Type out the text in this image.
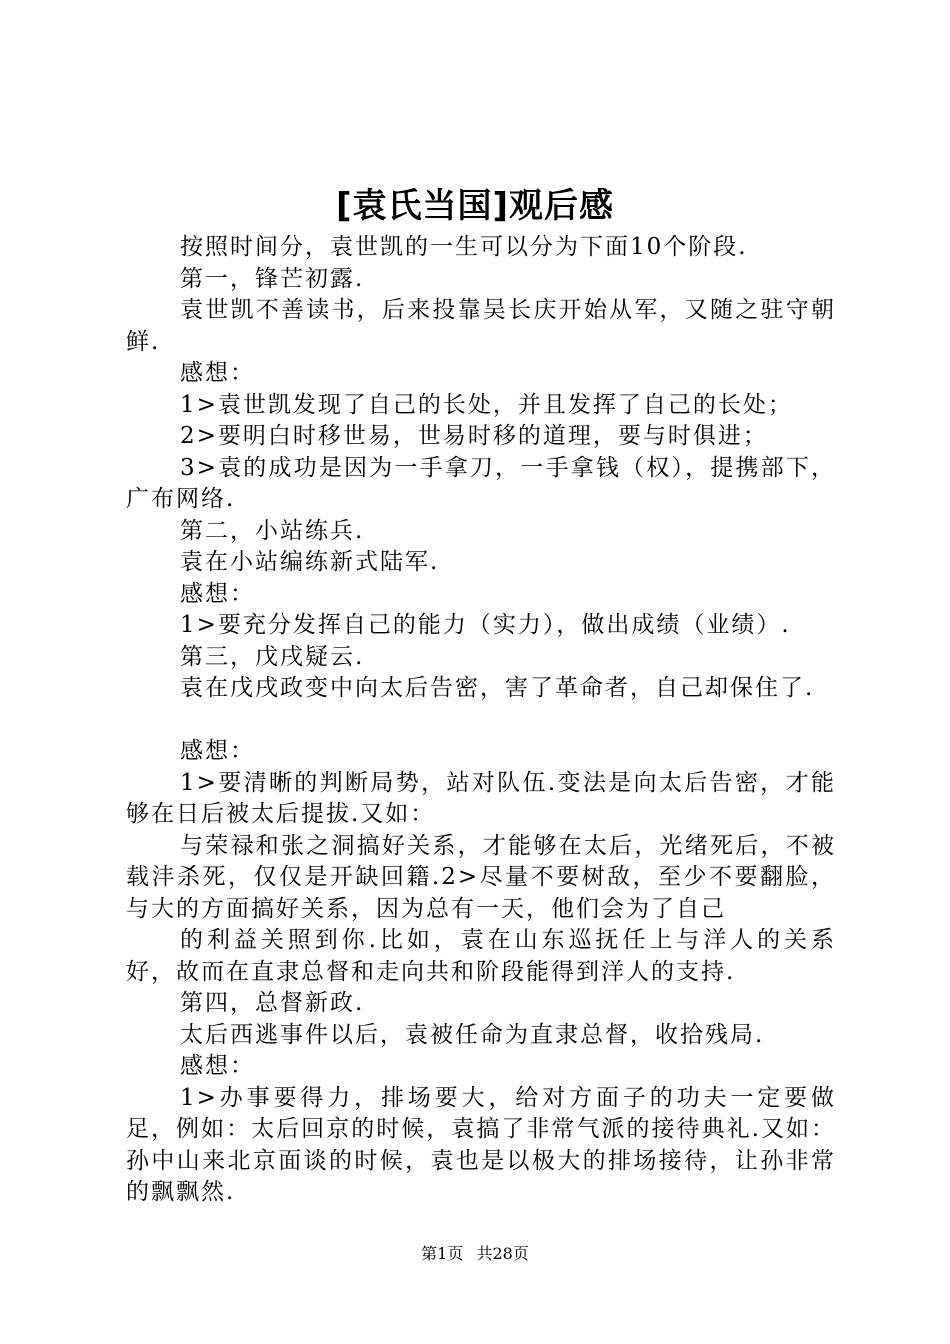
[袁氏当国]观后感

按照时间分，袁世凯的一生可以分为下面10个阶段.

第一，锋芒初露.

袁世凯不善读书，后来投靠吴长庆开始从军，又随之驻守朝鲜.

感想：

1>袁世凯发现了自己的长处，并且发挥了自己的长处；

2>要明白时移世易，世易时移的道理，要与时俱进；

3>袁的成功是因为一手拿刀，一手拿钱（权），提携部下，广布网络.

第二，小站练兵.

袁在小站编练新式陆军.

感想：

1>要充分发挥自己的能力（实力），做出成绩（业绩）.

第三，戊戌疑云.

袁在戊戌政变中向太后告密，害了革命者，自己却保住了.

感想：

1>要清晰的判断局势，站对队伍.变法是向太后告密，才能够在日后被太后提拔.又如：

与荣禄和张之洞搞好关系，才能够在太后，光绪死后，不被载沣杀死，仅仅是开缺回籍.2>尽量不要树敌，至少不要翻脸，与大的方面搞好关系，因为总有一天，他们会为了自己

的利益关照到你.比如，袁在山东巡抚任上与洋人的关系好，故而在直隶总督和走向共和阶段能得到洋人的支持.

第四，总督新政.

太后西逃事件以后，袁被任命为直隶总督，收拾残局.

感想：

1>办事要得力，排场要大，给对方面子的功夫一定要做足，例如：太后回京的时候，袁搞了非常气派的接待典礼.又如：孙中山来北京面谈的时候，袁也是以极大的排场接待，让孙非常的飘飘然.

第1页 共28页
